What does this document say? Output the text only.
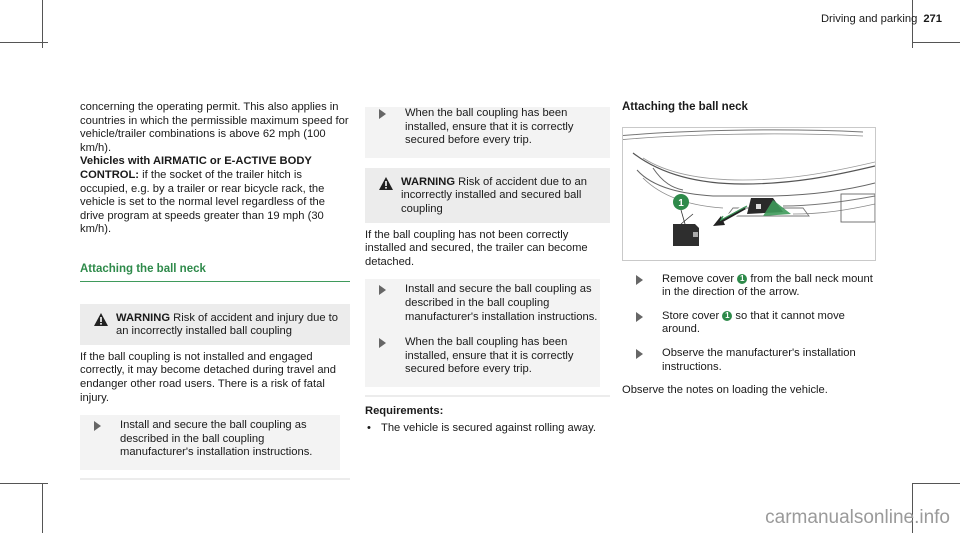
Driving and parking 271

concerning the operating permit. This also applies in countries in which the permissible maximum speed for vehicle/trailer combinations is above 62 mph (100 km/h).

Vehicles with AIRMATIC or E-ACTIVE BODY CONTROL: if the socket of the trailer hitch is occupied, e.g. by a trailer or rear bicycle rack, the vehicle is set to the normal level regardless of the drive program at speeds greater than 19 mph (30 km/h).

Attaching the ball neck
WARNING Risk of accident and injury due to an incorrectly installed ball coupling

If the ball coupling is not installed and engaged correctly, it may become detached during travel and endanger other road users. There is a risk of fatal injury.

Install and secure the ball coupling as described in the ball coupling manufacturer's installation instructions.
When the ball coupling has been installed, ensure that it is correctly secured before every trip.
WARNING Risk of accident due to an incorrectly installed and secured ball coupling

If the ball coupling has not been correctly installed and secured, the trailer can become detached.

Install and secure the ball coupling as described in the ball coupling manufacturer's installation instructions.
When the ball coupling has been installed, ensure that it is correctly secured before every trip.

Requirements:

• The vehicle is secured against rolling away.
Attaching the ball neck
1
Remove cover 1 from the ball neck mount in the direction of the arrow.
Store cover 1 so that it cannot move around.
Observe the manufacturer's installation instructions.

Observe the notes on loading the vehicle.

carmanualsonline.info
